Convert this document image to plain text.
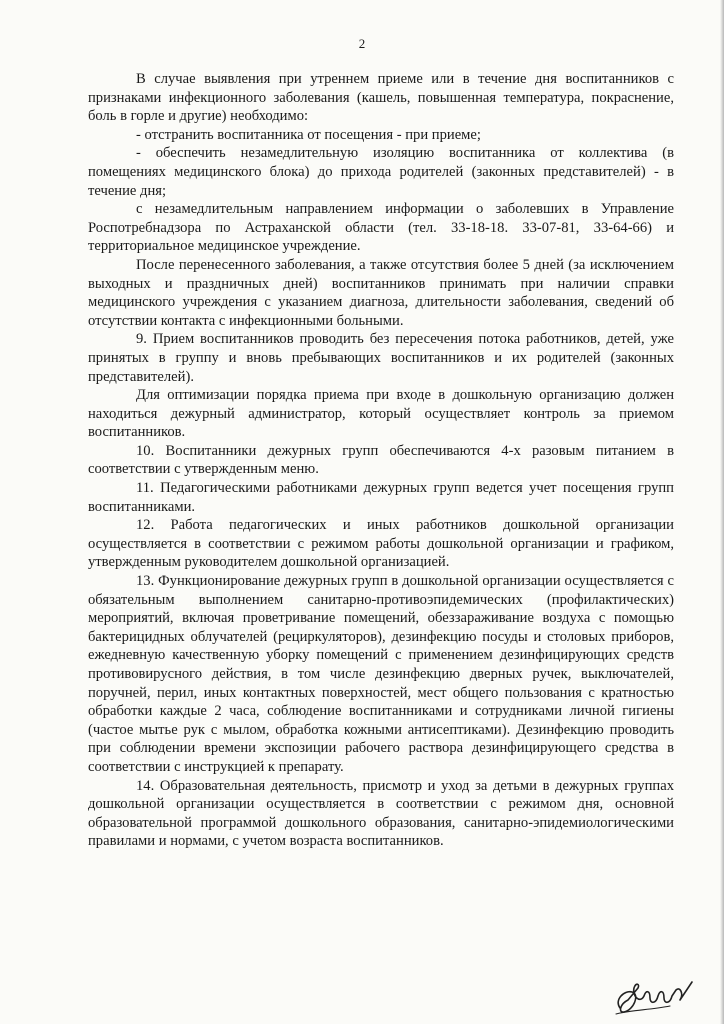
2

В случае выявления при утреннем приеме или в течение дня воспитанников с признаками инфекционного заболевания (кашель, повышенная температура, покраснение, боль в горле и другие) необходимо:

- отстранить воспитанника от посещения - при приеме;

- обеспечить незамедлительную изоляцию воспитанника от коллектива (в помещениях медицинского блока) до прихода родителей (законных представителей) - в течение дня;

с незамедлительным направлением информации о заболевших в Управление Роспотребнадзора по Астраханской области (тел. 33-18-18. 33-07-81, 33-64-66) и территориальное медицинское учреждение.

После перенесенного заболевания, а также отсутствия более 5 дней (за исключением выходных и праздничных дней) воспитанников принимать при наличии справки медицинского учреждения с указанием диагноза, длительности заболевания, сведений об отсутствии контакта с инфекционными больными.

9. Прием воспитанников проводить без пересечения потока работников, детей, уже принятых в группу и вновь пребывающих воспитанников и их родителей (законных представителей).

Для оптимизации порядка приема при входе в дошкольную организацию должен находиться дежурный администратор, который осуществляет контроль за приемом воспитанников.

10. Воспитанники дежурных групп обеспечиваются 4-х разовым питанием в соответствии с утвержденным меню.

11. Педагогическими работниками дежурных групп ведется учет посещения групп воспитанниками.

12. Работа педагогических и иных работников дошкольной организации осуществляется в соответствии с режимом работы дошкольной организации и графиком, утвержденным руководителем дошкольной организацией.

13. Функционирование дежурных групп в дошкольной организации осуществляется с обязательным выполнением санитарно-противоэпидемических (профилактических) мероприятий, включая проветривание помещений, обеззараживание воздуха с помощью бактерицидных облучателей (рециркуляторов), дезинфекцию посуды и столовых приборов, ежедневную качественную уборку помещений с применением дезинфицирующих средств противовирусного действия, в том числе дезинфекцию дверных ручек, выключателей, поручней, перил, иных контактных поверхностей, мест общего пользования с кратностью обработки каждые 2 часа, соблюдение воспитанниками и сотрудниками личной гигиены (частое мытье рук с мылом, обработка кожными антисептиками). Дезинфекцию проводить при соблюдении времени экспозиции рабочего раствора дезинфицирующего средства в соответствии с инструкцией к препарату.

14. Образовательная деятельность, присмотр и уход за детьми в дежурных группах дошкольной организации осуществляется в соответствии с режимом дня, основной образовательной программой дошкольного образования, санитарно-эпидемиологическими правилами и нормами, с учетом возраста воспитанников.
